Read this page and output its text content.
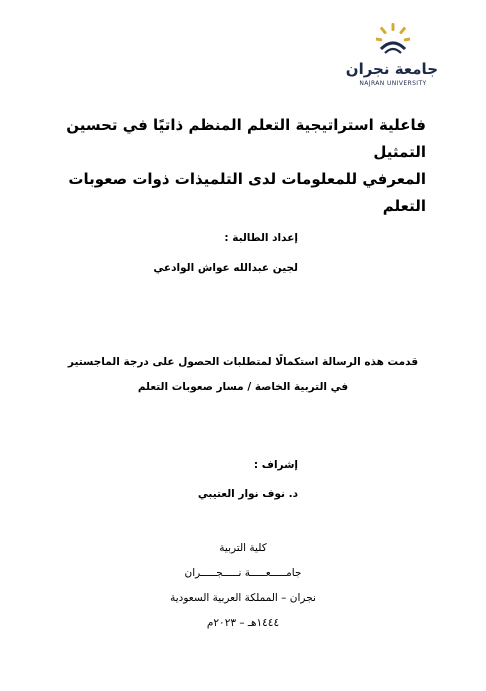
جامعة نجران
NAJRAN UNIVERSITY
فاعلية استراتيجية التعلم المنظم ذاتيًا في تحسين التمثيل
المعرفي للمعلومات لدى التلميذات ذوات صعوبات التعلم
إعداد الطالبة :
لجين عبدالله عواش الوادعي
قدمت هذه الرسالة استكمالًا لمتطلبات الحصول على درجة الماجستير
في التربية الخاصة / مسار صعوبات التعلم
إشراف :
د. نوف نوار العتيبي
كلية التربية
جامـــــعـــــة نـــــجـــــران
نجران – المملكة العربية السعودية
١٤٤٤هـ – ٢٠٢٣م
